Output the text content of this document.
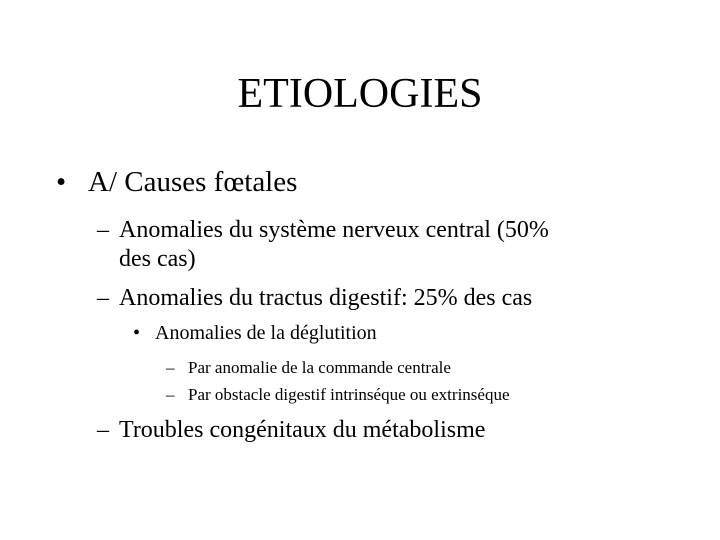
ETIOLOGIES
• A/ Causes fœtales
– Anomalies du système nerveux central (50%
des cas)
– Anomalies du tractus digestif: 25% des cas
• Anomalies de la déglutition
– Par anomalie de la commande centrale
– Par obstacle digestif intrinséque ou extrinséque
– Troubles congénitaux du métabolisme
